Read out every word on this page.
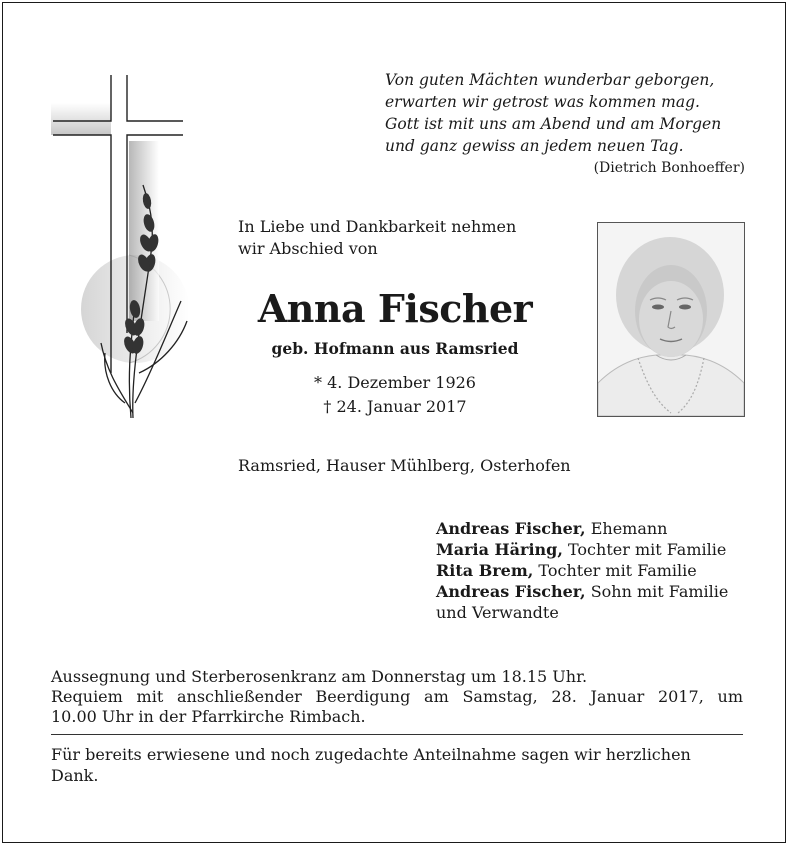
Von guten Mächten wunderbar geborgen,
erwarten wir getrost was kommen mag.
Gott ist mit uns am Abend und am Morgen
und ganz gewiss an jedem neuen Tag.
(Dietrich Bonhoeffer)
In Liebe und Dankbarkeit nehmen
wir Abschied von
Anna Fischer
geb. Hofmann aus Ramsried
* 4. Dezember 1926
† 24. Januar 2017
Ramsried, Hauser Mühlberg, Osterhofen
Andreas Fischer, Ehemann
Maria Häring, Tochter mit Familie
Rita Brem, Tochter mit Familie
Andreas Fischer, Sohn mit Familie
und Verwandte
Aussegnung und Sterberosenkranz am Donnerstag um 18.15 Uhr.
Requiem mit anschließender Beerdigung am Samstag, 28. Januar 2017, um
10.00 Uhr in der Pfarrkirche Rimbach.
Für bereits erwiesene und noch zugedachte Anteilnahme sagen wir herzlichen Dank.
